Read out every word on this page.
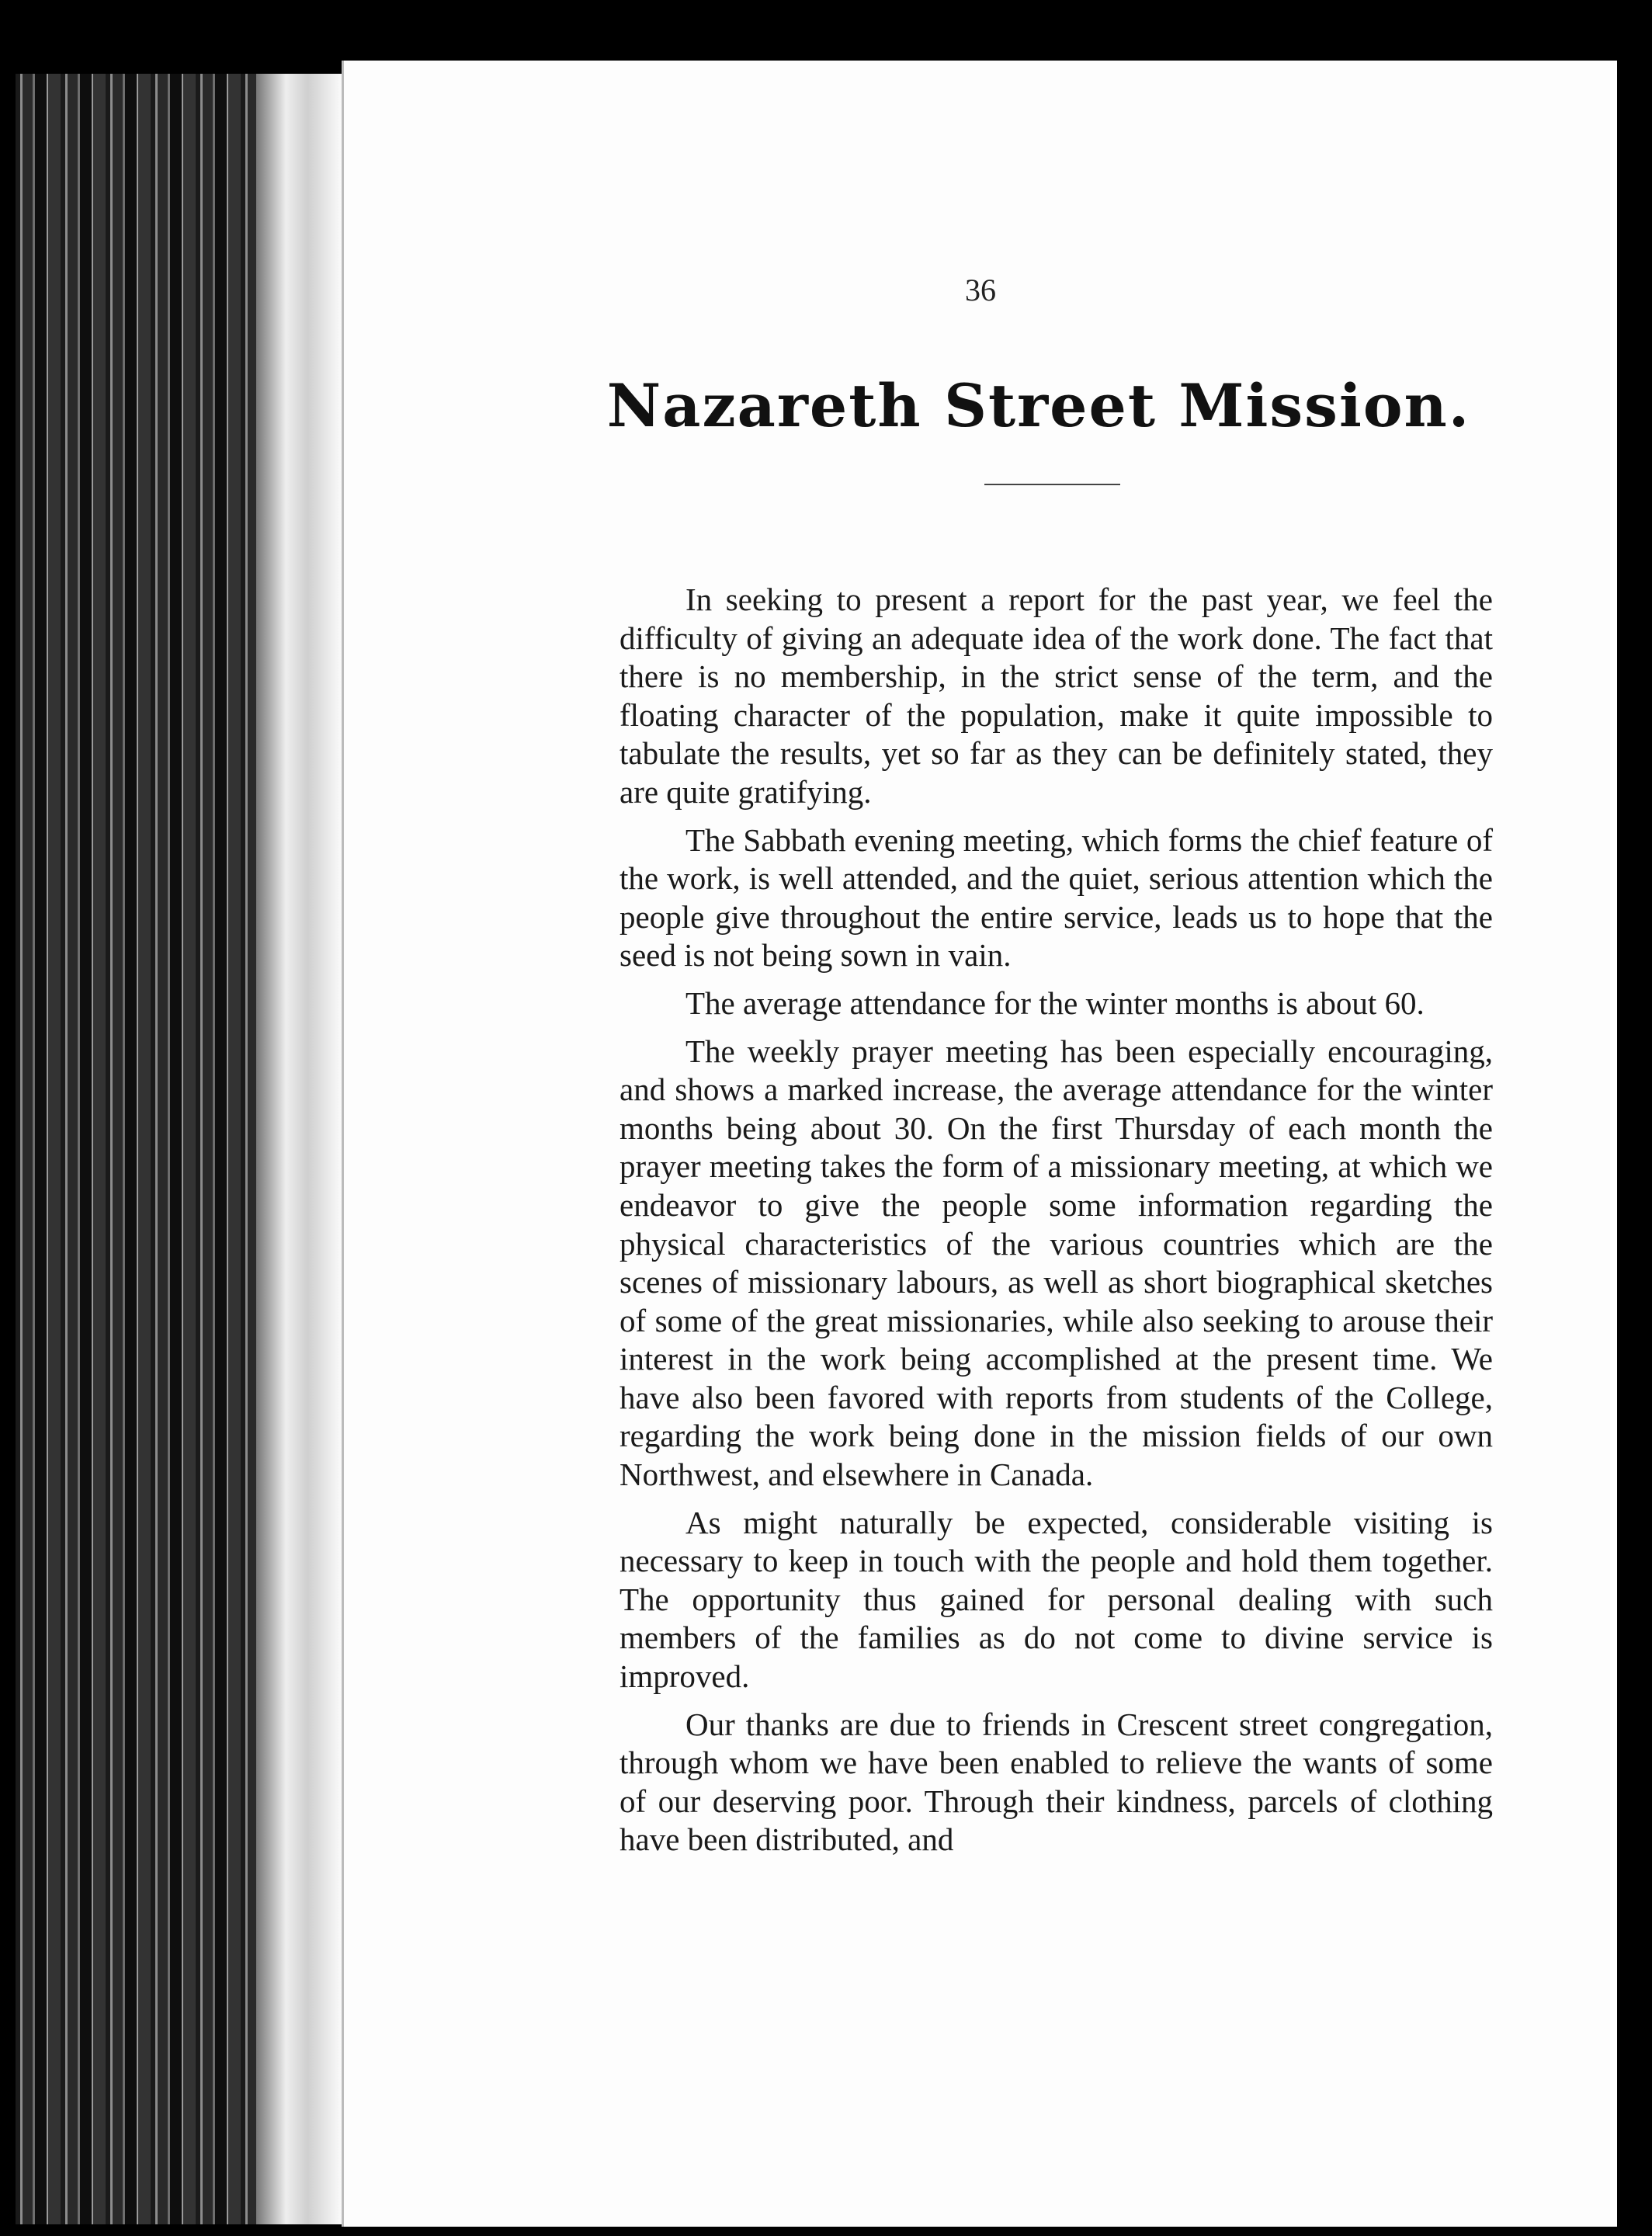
36
Nazareth Street Mission.

In seeking to present a report for the past year, we feel the difficulty of giving an adequate idea of the work done. The fact that there is no membership, in the strict sense of the term, and the floating character of the population, make it quite impossible to tabulate the results, yet so far as they can be definitely stated, they are quite gratifying.

The Sabbath evening meeting, which forms the chief feature of the work, is well attended, and the quiet, serious attention which the people give throughout the entire service, leads us to hope that the seed is not being sown in vain.

The average attendance for the winter months is about 60.

The weekly prayer meeting has been especially encouraging, and shows a marked increase, the average attendance for the winter months being about 30. On the first Thursday of each month the prayer meeting takes the form of a missionary meeting, at which we endeavor to give the people some information regarding the physical characteristics of the various countries which are the scenes of missionary labours, as well as short biographical sketches of some of the great missionaries, while also seeking to arouse their interest in the work being accomplished at the present time. We have also been favored with reports from students of the College, regarding the work being done in the mission fields of our own Northwest, and elsewhere in Canada.

As might naturally be expected, considerable visiting is necessary to keep in touch with the people and hold them together. The opportunity thus gained for personal dealing with such members of the families as do not come to divine service is improved.

Our thanks are due to friends in Crescent street congregation, through whom we have been enabled to relieve the wants of some of our deserving poor. Through their kindness, parcels of clothing have been distributed, and
